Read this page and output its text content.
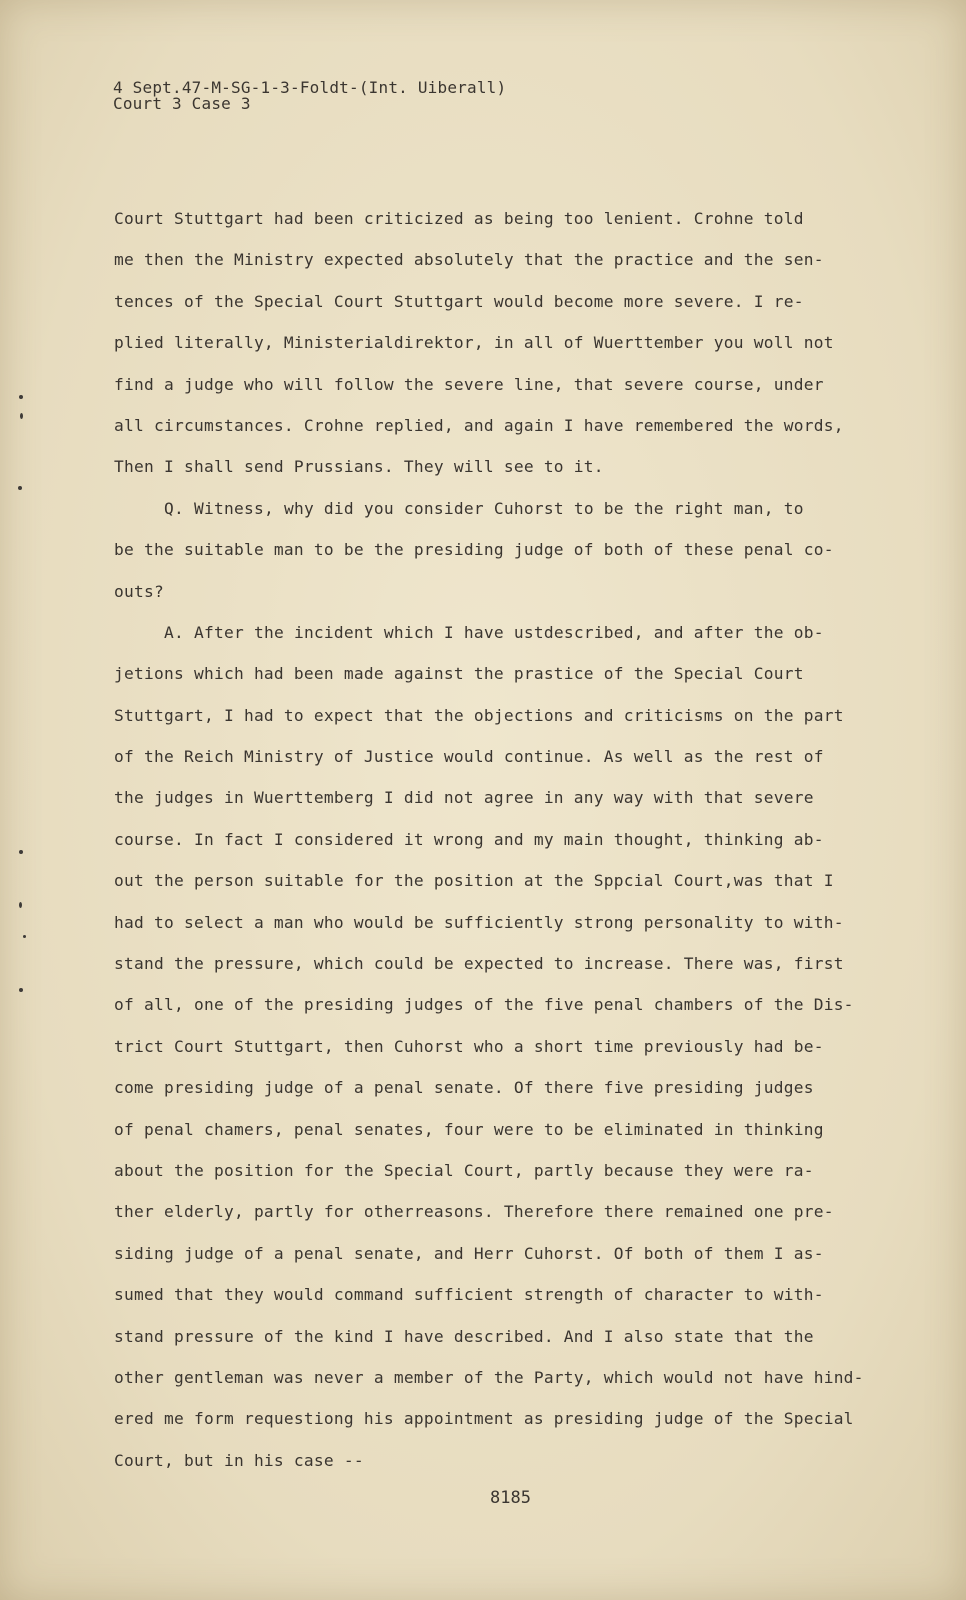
4 Sept.47-M-SG-1-3-Foldt-(Int. Uiberall)
Court 3 Case 3
Court Stuttgart had been criticized as being too lenient. Crohne told
me then the Ministry expected absolutely that the practice and the sen-
tences of the Special Court Stuttgart would become more severe. I re-
plied literally, Ministerialdirektor, in all of Wuerttember you woll not
find a judge who will follow the severe line, that severe course, under
all circumstances. Crohne replied, and again I have remembered the words,
Then I shall send Prussians. They will see to it.
Q. Witness, why did you consider Cuhorst to be the right man, to
be the suitable man to be the presiding judge of both of these penal co-
outs?
A. After the incident which I have ustdescribed, and after the ob-
jetions which had been made against the prastice of the Special Court
Stuttgart, I had to expect that the objections and criticisms on the part
of the Reich Ministry of Justice would continue. As well as the rest of
the judges in Wuerttemberg I did not agree in any way with that severe
course. In fact I considered it wrong and my main thought, thinking ab-
out the person suitable for the position at the Sppcial Court,was that I
had to select a man who would be sufficiently strong personality to with-
stand the pressure, which could be expected to increase. There was, first
of all, one of the presiding judges of the five penal chambers of the Dis-
trict Court Stuttgart, then Cuhorst who a short time previously had be-
come presiding judge of a penal senate. Of there five presiding judges
of penal chamers, penal senates, four were to be eliminated in thinking
about the position for the Special Court, partly because they were ra-
ther elderly, partly for otherreasons. Therefore there remained one pre-
siding judge of a penal senate, and Herr Cuhorst. Of both of them I as-
sumed that they would command sufficient strength of character to with-
stand pressure of the kind I have described. And I also state that the
other gentleman was never a member of the Party, which would not have hind-
ered me form requestiong his appointment as presiding judge of the Special
Court, but in his case --
8185
